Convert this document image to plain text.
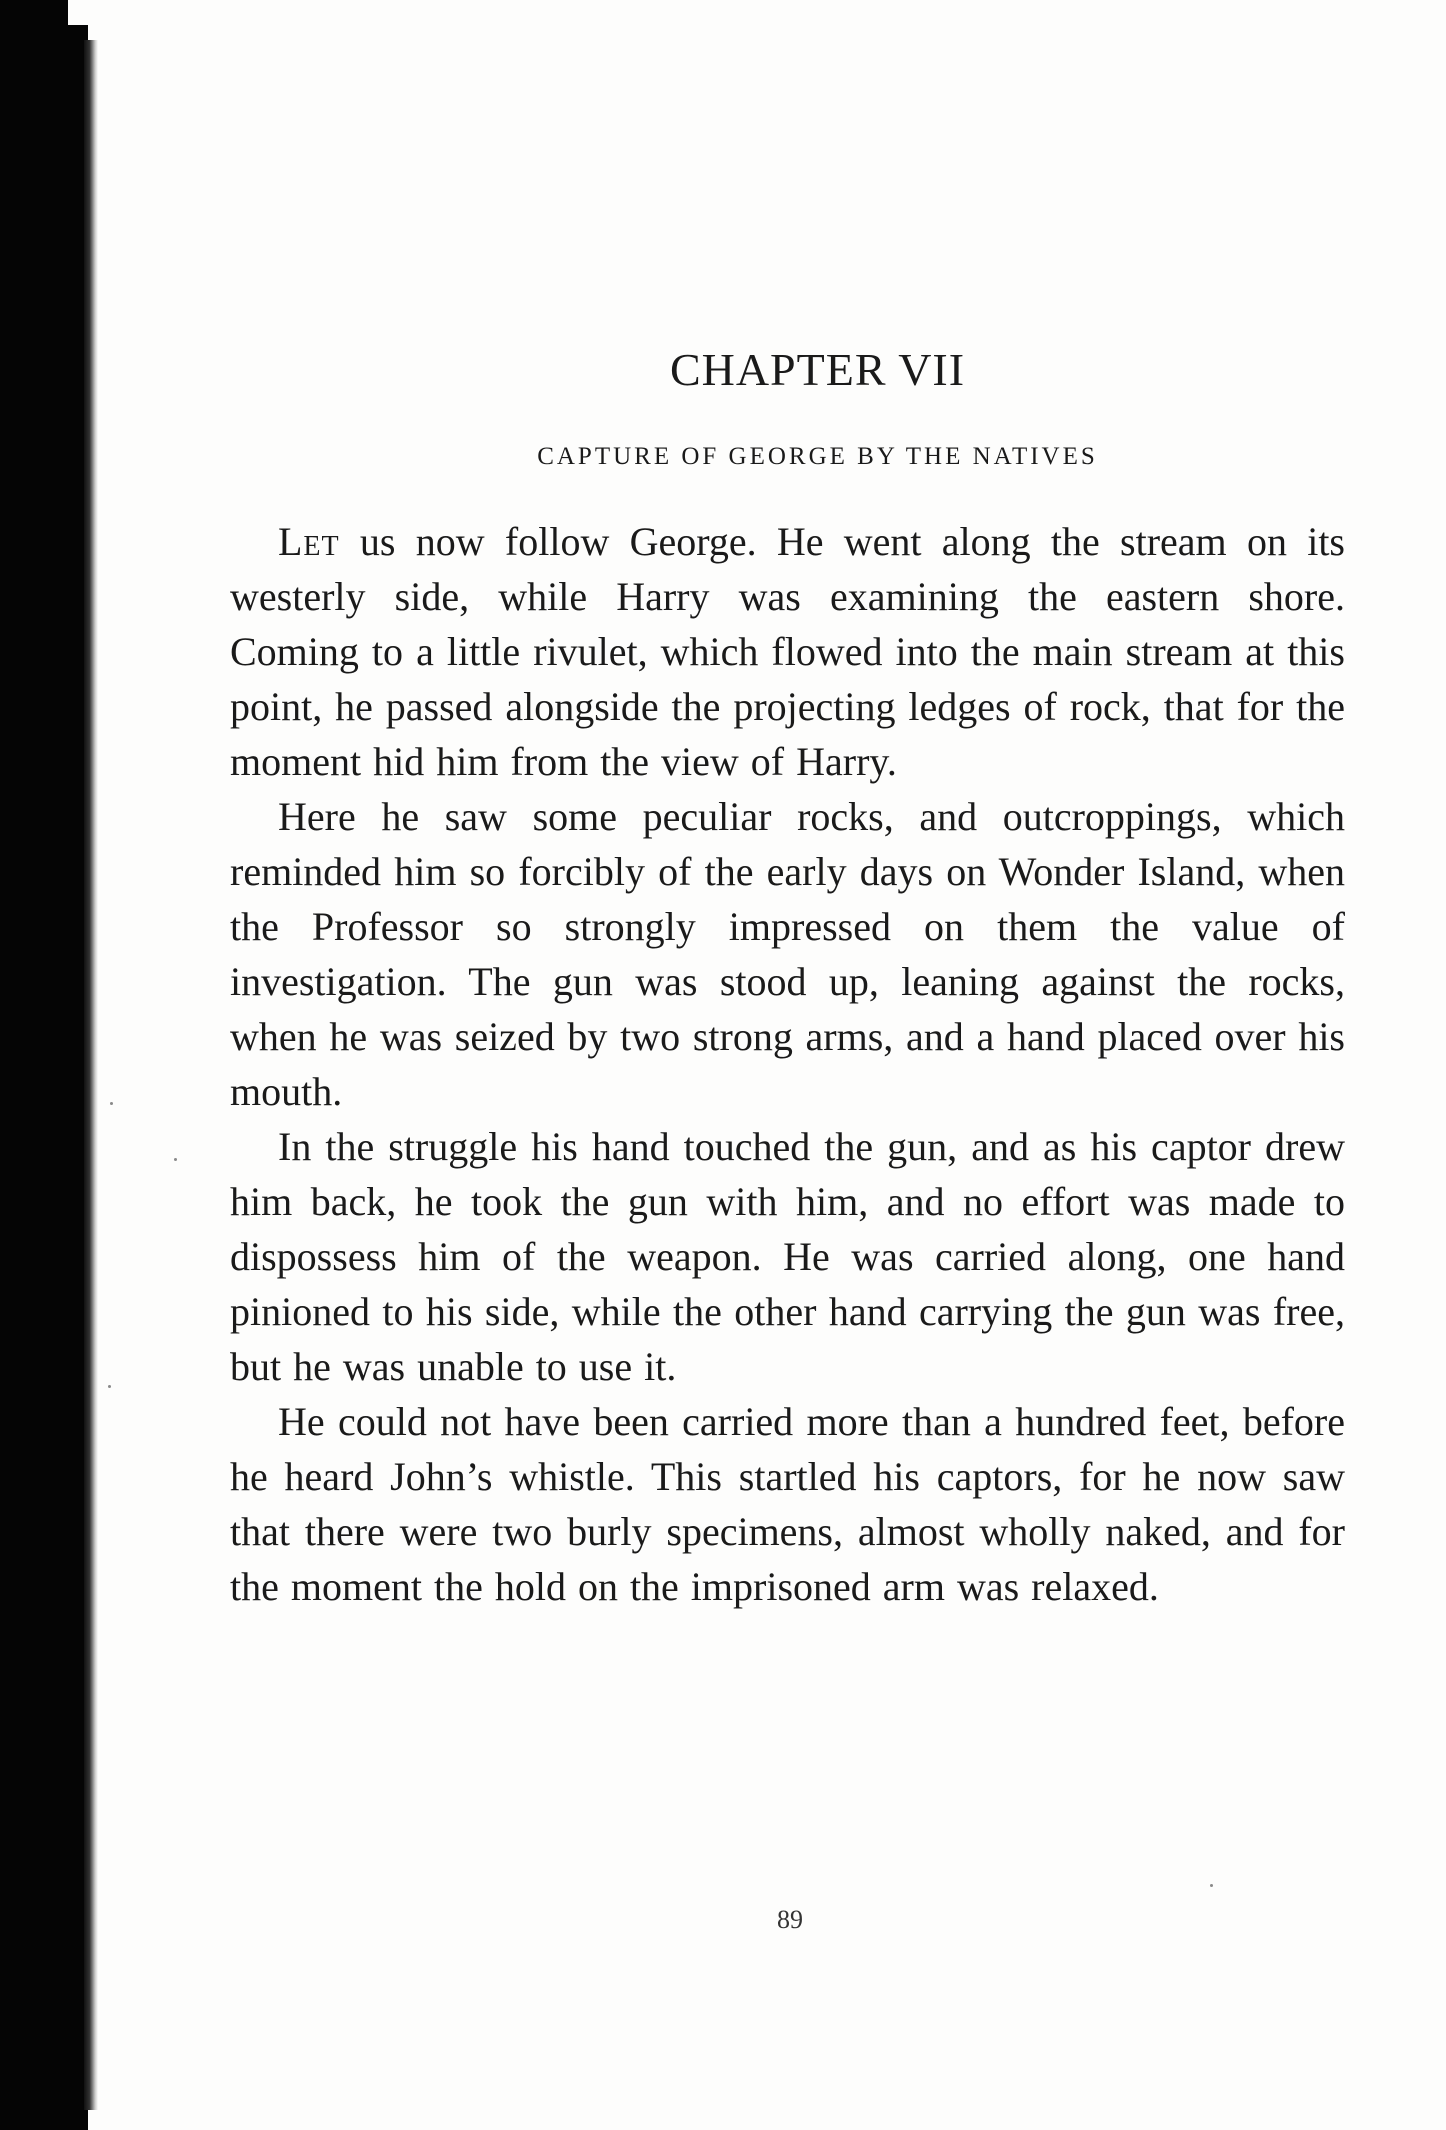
CHAPTER VII
CAPTURE OF GEORGE BY THE NATIVES

Let us now follow George. He went along the stream on its westerly side, while Harry was examining the eastern shore. Coming to a little rivulet, which flowed into the main stream at this point, he passed alongside the projecting ledges of rock, that for the moment hid him from the view of Harry.

Here he saw some peculiar rocks, and outcroppings, which reminded him so forcibly of the early days on Wonder Island, when the Professor so strongly impressed on them the value of investigation. The gun was stood up, leaning against the rocks, when he was seized by two strong arms, and a hand placed over his mouth.

In the struggle his hand touched the gun, and as his captor drew him back, he took the gun with him, and no effort was made to dispossess him of the weapon. He was carried along, one hand pinioned to his side, while the other hand carrying the gun was free, but he was unable to use it.

He could not have been carried more than a hundred feet, before he heard John’s whistle. This startled his captors, for he now saw that there were two burly specimens, almost wholly naked, and for the moment the hold on the imprisoned arm was relaxed.

89
